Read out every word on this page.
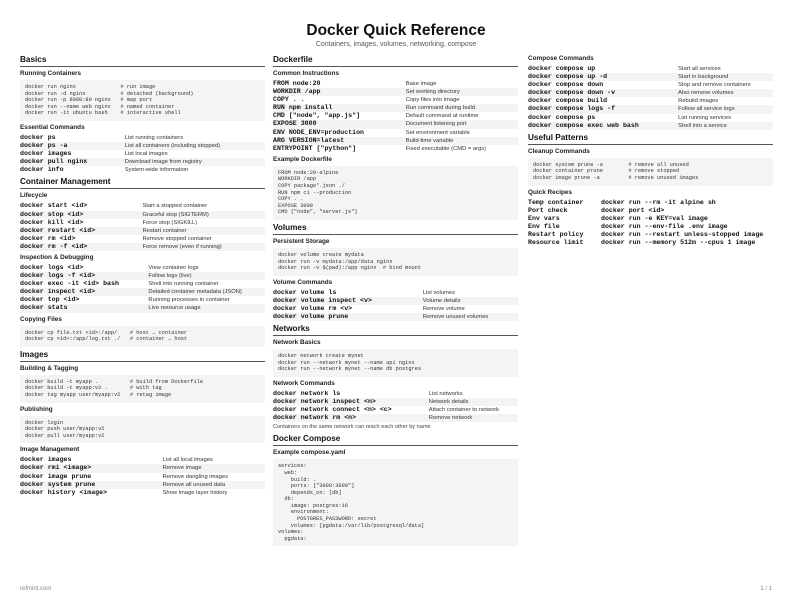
Docker Quick Reference
Containers, images, volumes, networking, compose
Basics
Running Containers
docker run nginx              # run image
docker run -d nginx           # detached (background)
docker run -p 8080:80 nginx   # map port
docker run --name web nginx   # named container
docker run -it ubuntu bash    # interactive shell
Essential Commands
docker ps	List running containers
docker ps -a	List all containers (including stopped)
docker images	List local images
docker pull nginx	Download image from registry
docker info	System-wide information
Container Management
Lifecycle
docker start <id>	Start a stopped container
docker stop <id>	Graceful stop (SIGTERM)
docker kill <id>	Force stop (SIGKILL)
docker restart <id>	Restart container
docker rm <id>	Remove stopped container
docker rm -f <id>	Force remove (even if running)
Inspection & Debugging
docker logs <id>	View container logs
docker logs -f <id>	Follow logs (live)
docker exec -it <id> bash	Shell into running container
docker inspect <id>	Detailed container metadata (JSON)
docker top <id>	Running processes in container
docker stats	Live resource usage
Copying Files
docker cp file.txt <id>:/app/    # host → container
docker cp <id>:/app/log.txt ./   # container → host
Images
Building & Tagging
docker build -t myapp .          # build from Dockerfile
docker build -t myapp:v2 .       # with tag
docker tag myapp user/myapp:v2   # retag image
Publishing
docker login
docker push user/myapp:v2
docker pull user/myapp:v2
Image Management
docker images	List all local images
docker rmi <image>	Remove image
docker image prune	Remove dangling images
docker system prune	Remove all unused data
docker history <image>	Show image layer history
Dockerfile
Common Instructions
FROM node:20	Base image
WORKDIR /app	Set working directory
COPY . .	Copy files into image
RUN npm install	Run command during build
CMD ["node", "app.js"]	Default command at runtime
EXPOSE 3000	Document listening port
ENV NODE_ENV=production	Set environment variable
ARG VERSION=latest	Build-time variable
ENTRYPOINT ["python"]	Fixed executable (CMD = args)
Example Dockerfile
FROM node:20-alpine
WORKDIR /app
COPY package*.json ./
RUN npm ci --production
COPY . .
EXPOSE 3000
CMD ["node", "server.js"]
Volumes
Persistent Storage
docker volume create mydata
docker run -v mydata:/app/data nginx
docker run -v $(pwd):/app nginx  # bind mount
Volume Commands
docker volume ls	List volumes
docker volume inspect <v>	Volume details
docker volume rm <v>	Remove volume
docker volume prune	Remove unused volumes
Networks
Network Basics
docker network create mynet
docker run --network mynet --name api nginx
docker run --network mynet --name db postgres
Network Commands
docker network ls	List networks
docker network inspect <n>	Network details
docker network connect <n> <c>	Attach container to network
docker network rm <n>	Remove network
Containers on the same network can reach each other by name
Docker Compose
Example compose.yaml
services:
web:
build: .
ports: ["3000:3000"]
depends_on: [db]
db:
image: postgres:16
environment:
POSTGRES_PASSWORD: secret
volumes: [pgdata:/var/lib/postgresql/data]
volumes:
pgdata:
Compose Commands
docker compose up	Start all services
docker compose up -d	Start in background
docker compose down	Stop and remove containers
docker compose down -v	Also remove volumes
docker compose build	Rebuild images
docker compose logs -f	Follow all service logs
docker compose ps	List running services
docker compose exec web bash	Shell into a service
Useful Patterns
Cleanup Commands
docker system prune -a        # remove all unused
docker container prune        # remove stopped
docker image prune -a         # remove unused images
Quick Recipes
Temp container	docker run --rm -it alpine sh
Port check	docker port <id>
Env vars	docker run -e KEY=val image
Env file	docker run --env-file .env image
Restart policy	docker run --restart unless-stopped image
Resource limit	docker run --memory 512m --cpus 1 image
refmint.com	1 / 1
